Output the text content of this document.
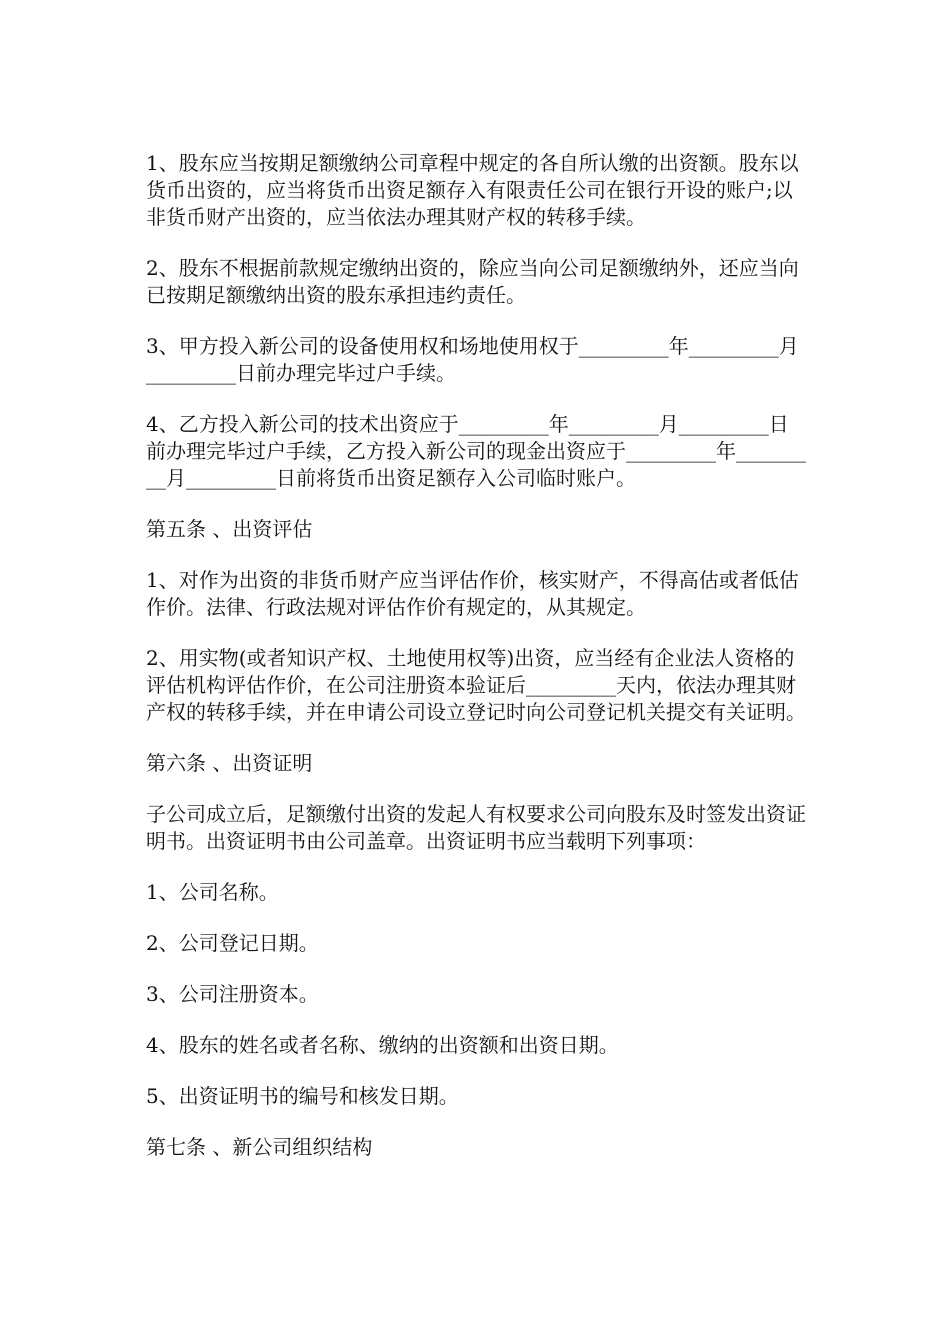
1、股东应当按期足额缴纳公司章程中规定的各自所认缴的出资额。股东以货币出资的，应当将货币出资足额存入有限责任公司在银行开设的账户;以非货币财产出资的，应当依法办理其财产权的转移手续。

2、股东不根据前款规定缴纳出资的，除应当向公司足额缴纳外，还应当向已按期足额缴纳出资的股东承担违约责任。

3、甲方投入新公司的设备使用权和场地使用权于_________年_________月_________日前办理完毕过户手续。

4、乙方投入新公司的技术出资应于_________年_________月_________日前办理完毕过户手续，乙方投入新公司的现金出资应于_________年_________月_________日前将货币出资足额存入公司临时账户。

第五条 、出资评估

1、对作为出资的非货币财产应当评估作价，核实财产，不得高估或者低估作价。法律、行政法规对评估作价有规定的，从其规定。

2、用实物(或者知识产权、土地使用权等)出资，应当经有企业法人资格的评估机构评估作价，在公司注册资本验证后_________天内，依法办理其财产权的转移手续，并在申请公司设立登记时向公司登记机关提交有关证明。

第六条 、出资证明

子公司成立后，足额缴付出资的发起人有权要求公司向股东及时签发出资证明书。出资证明书由公司盖章。出资证明书应当载明下列事项：

1、公司名称。

2、公司登记日期。

3、公司注册资本。

4、股东的姓名或者名称、缴纳的出资额和出资日期。

5、出资证明书的编号和核发日期。

第七条 、新公司组织结构
